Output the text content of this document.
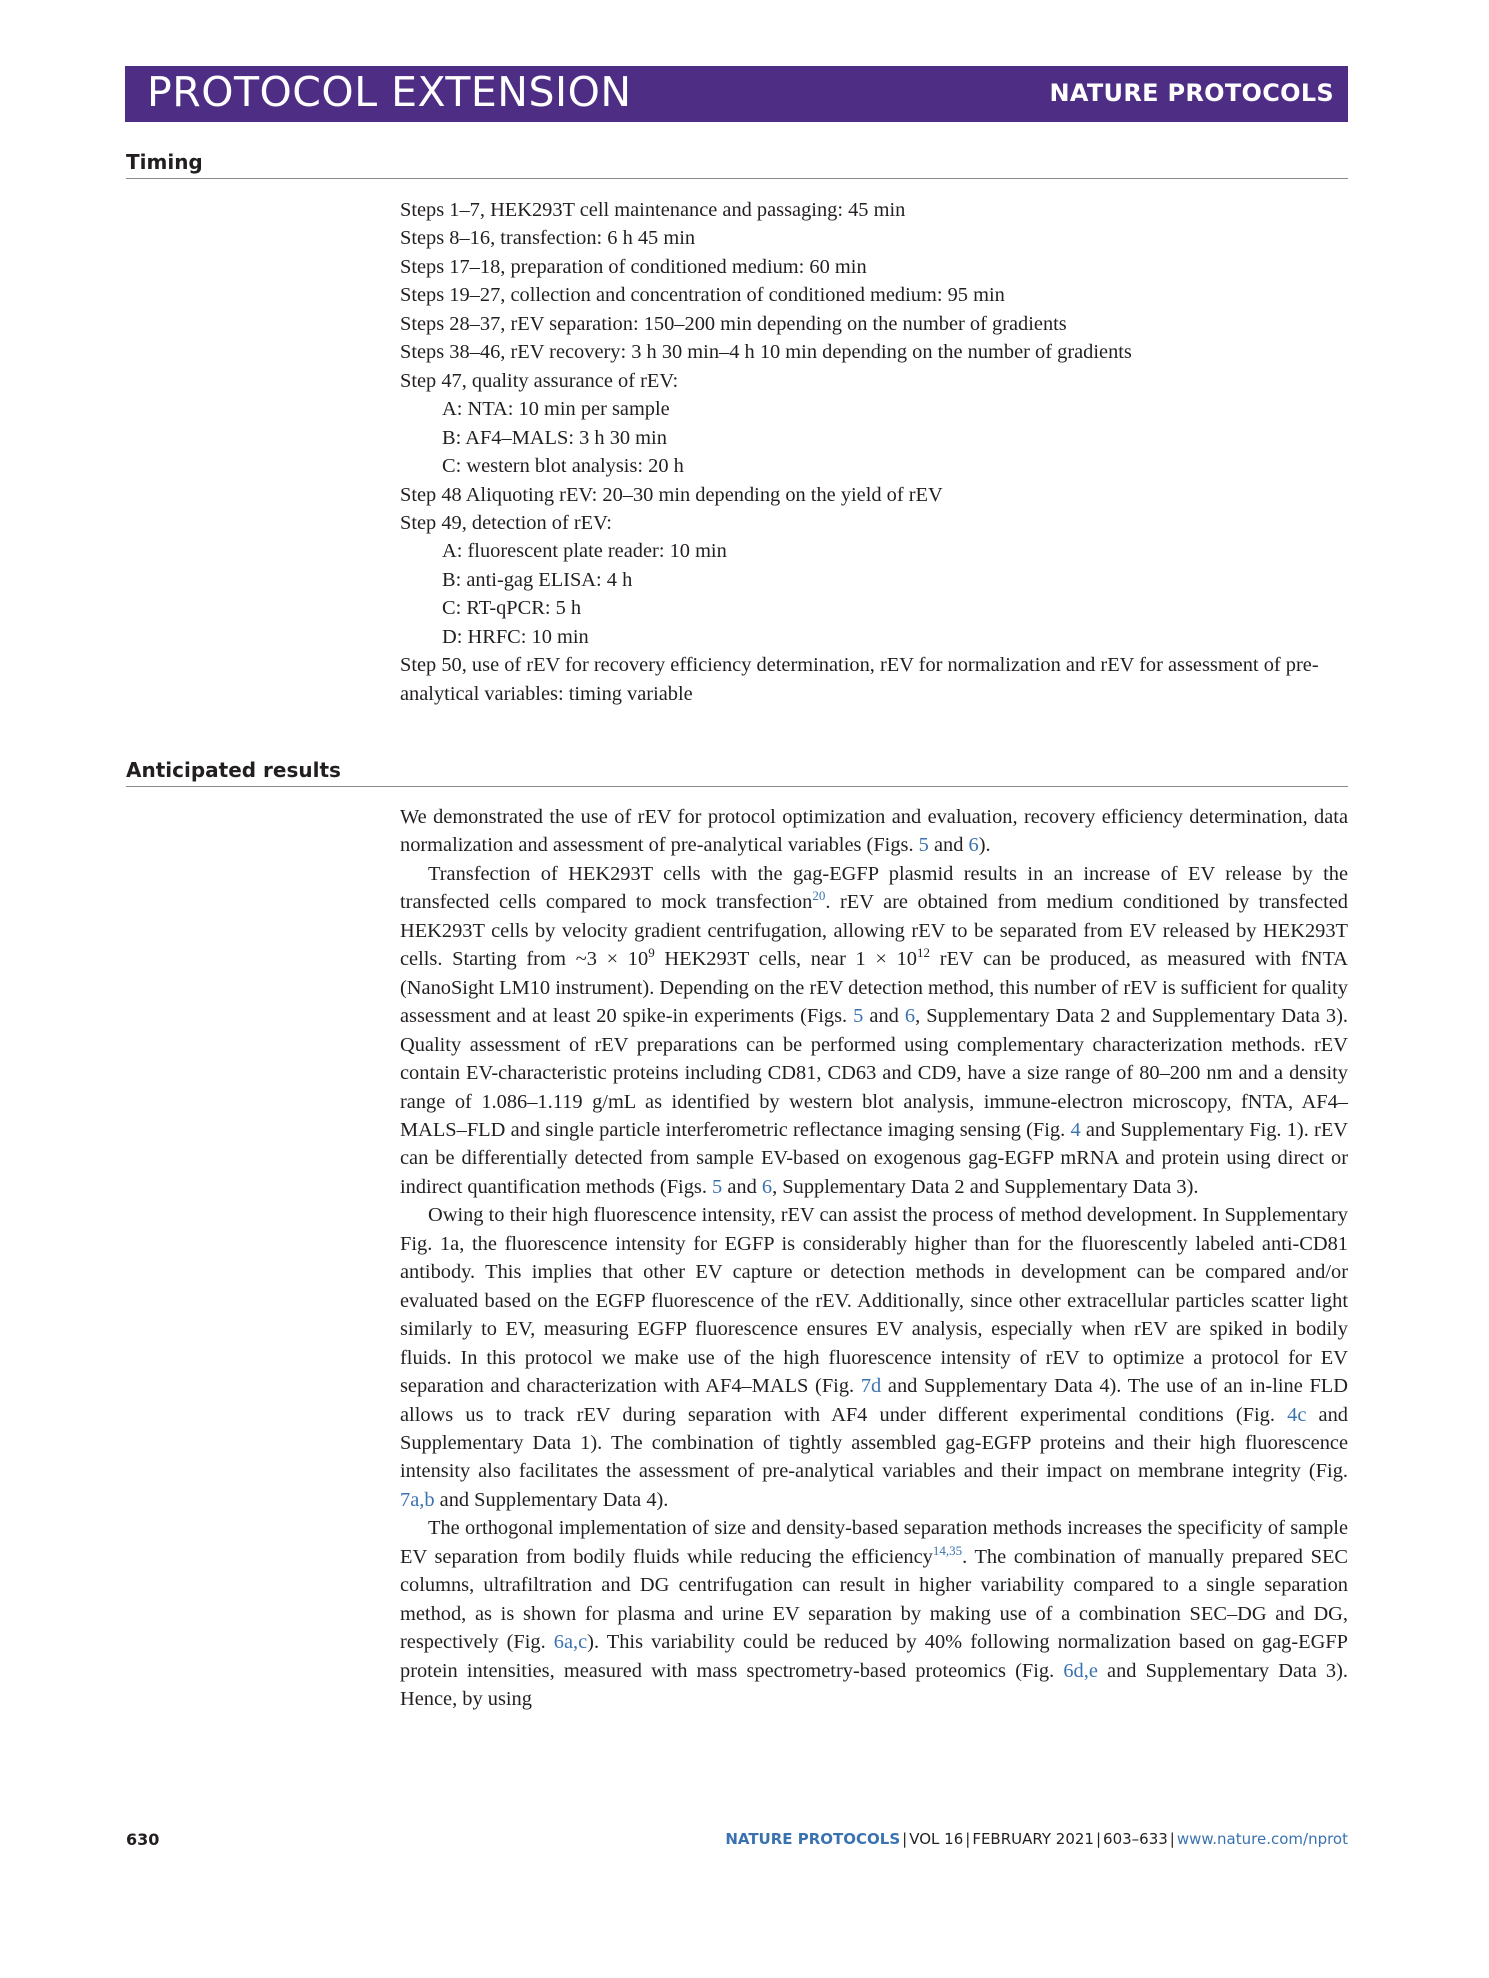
PROTOCOL EXTENSION	NATURE PROTOCOLS
Timing
Steps 1–7, HEK293T cell maintenance and passaging: 45 min
Steps 8–16, transfection: 6 h 45 min
Steps 17–18, preparation of conditioned medium: 60 min
Steps 19–27, collection and concentration of conditioned medium: 95 min
Steps 28–37, rEV separation: 150–200 min depending on the number of gradients
Steps 38–46, rEV recovery: 3 h 30 min–4 h 10 min depending on the number of gradients
Step 47, quality assurance of rEV:
A: NTA: 10 min per sample
B: AF4–MALS: 3 h 30 min
C: western blot analysis: 20 h
Step 48 Aliquoting rEV: 20–30 min depending on the yield of rEV
Step 49, detection of rEV:
A: fluorescent plate reader: 10 min
B: anti-gag ELISA: 4 h
C: RT-qPCR: 5 h
D: HRFC: 10 min
Step 50, use of rEV for recovery efficiency determination, rEV for normalization and rEV for assessment of pre-analytical variables: timing variable
Anticipated results

We demonstrated the use of rEV for protocol optimization and evaluation, recovery efficiency determination, data normalization and assessment of pre-analytical variables (Figs. 5 and 6).

Transfection of HEK293T cells with the gag-EGFP plasmid results in an increase of EV release by the transfected cells compared to mock transfection$^{20}$. rEV are obtained from medium conditioned by transfected HEK293T cells by velocity gradient centrifugation, allowing rEV to be separated from EV released by HEK293T cells. Starting from ~3 × $10^9$ HEK293T cells, near $1 \times 10^{12}$ rEV can be produced, as measured with fNTA (NanoSight LM10 instrument). Depending on the rEV detection method, this number of rEV is sufficient for quality assessment and at least 20 spike-in experiments (Figs. 5 and 6, Supplementary Data 2 and Supplementary Data 3). Quality assessment of rEV preparations can be performed using complementary characterization methods. rEV contain EV-characteristic proteins including CD81, CD63 and CD9, have a size range of 80–200 nm and a density range of 1.086–1.119 g/mL as identified by western blot analysis, immune-electron microscopy, fNTA, AF4–MALS–FLD and single particle interferometric reflectance imaging sensing (Fig. 4 and Supplementary Fig. 1). rEV can be differentially detected from sample EV-based on exogenous gag-EGFP mRNA and protein using direct or indirect quantification methods (Figs. 5 and 6, Supplementary Data 2 and Supplementary Data 3).

Owing to their high fluorescence intensity, rEV can assist the process of method development. In Supplementary Fig. 1a, the fluorescence intensity for EGFP is considerably higher than for the fluorescently labeled anti-CD81 antibody. This implies that other EV capture or detection methods in development can be compared and/or evaluated based on the EGFP fluorescence of the rEV. Additionally, since other extracellular particles scatter light similarly to EV, measuring EGFP fluorescence ensures EV analysis, especially when rEV are spiked in bodily fluids. In this protocol we make use of the high fluorescence intensity of rEV to optimize a protocol for EV separation and characterization with AF4–MALS (Fig. 7d and Supplementary Data 4). The use of an in-line FLD allows us to track rEV during separation with AF4 under different experimental conditions (Fig. 4c and Supplementary Data 1). The combination of tightly assembled gag-EGFP proteins and their high fluorescence intensity also facilitates the assessment of pre-analytical variables and their impact on membrane integrity (Fig. 7a,b and Supplementary Data 4).

The orthogonal implementation of size and density-based separation methods increases the specificity of sample EV separation from bodily fluids while reducing the efficiency$^{14,35}$. The combination of manually prepared SEC columns, ultrafiltration and DG centrifugation can result in higher variability compared to a single separation method, as is shown for plasma and urine EV separation by making use of a combination SEC–DG and DG, respectively (Fig. 6a,c). This variability could be reduced by 40% following normalization based on gag-EGFP protein intensities, measured with mass spectrometry-based proteomics (Fig. 6d,e and Supplementary Data 3). Hence, by using

630	NATURE PROTOCOLS | VOL 16 | FEBRUARY 2021 | 603–633 | www.nature.com/nprot
